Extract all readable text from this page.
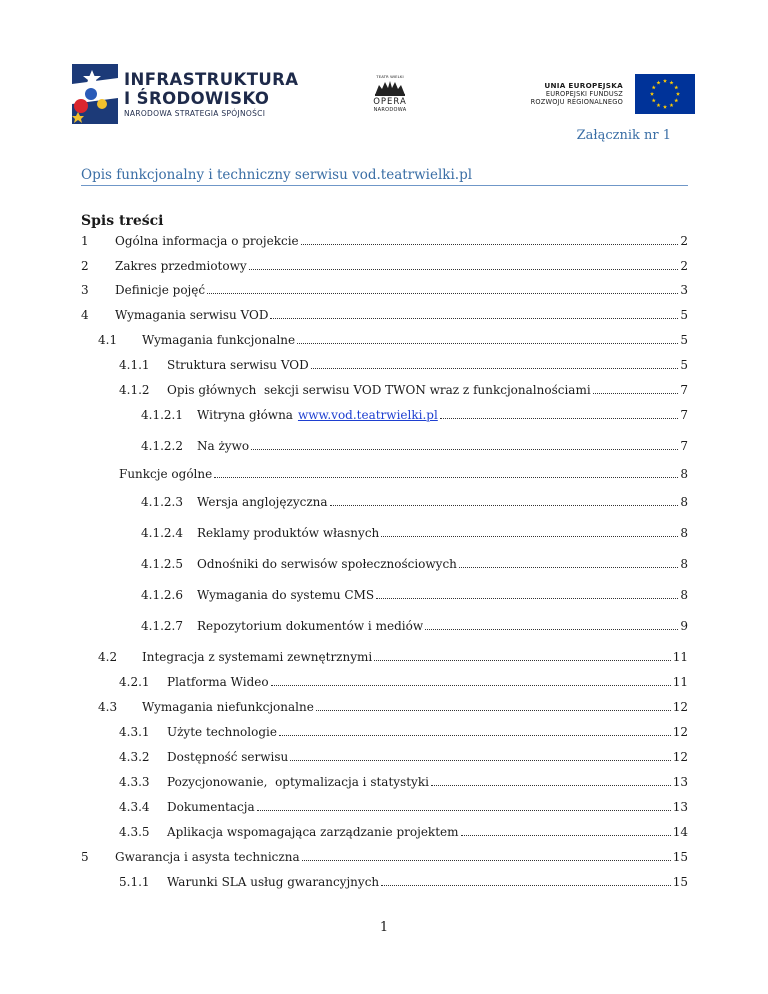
INFRASTRUKTURA
I ŚRODOWISKO
NARODOWA STRATEGIA SPÓJNOŚCI
TEATR WIELKI
OPERA
NARODOWA
UNIA EUROPEJSKA
EUROPEJSKI FUNDUSZ
ROZWOJU REGIONALNEGO
Załącznik nr 1
Opis funkcjonalny i techniczny serwisu vod.teatrwielki.pl
Spis treści
1	Ogólna informacja o projekcie	2
2	Zakres przedmiotowy	2
3	Definicje pojęć	3
4	Wymagania serwisu VOD	5
4.1	Wymagania funkcjonalne	5
4.1.1	Struktura serwisu VOD	5
4.1.2	Opis głównych  sekcji serwisu VOD TWON wraz z funkcjonalnościami	7
4.1.2.1	Witryna główna www.vod.teatrwielki.pl	7
4.1.2.2	Na żywo	7
Funkcje ogólne	8
4.1.2.3	Wersja anglojęzyczna	8
4.1.2.4	Reklamy produktów własnych	8
4.1.2.5	Odnośniki do serwisów społecznościowych	8
4.1.2.6	Wymagania do systemu CMS	8
4.1.2.7	Repozytorium dokumentów i mediów	9
4.2	Integracja z systemami zewnętrznymi	11
4.2.1	Platforma Wideo	11
4.3	Wymagania niefunkcjonalne	12
4.3.1	Użyte technologie	12
4.3.2	Dostępność serwisu	12
4.3.3	Pozycjonowanie,  optymalizacja i statystyki	13
4.3.4	Dokumentacja	13
4.3.5	Aplikacja wspomagająca zarządzanie projektem	14
5	Gwarancja i asysta techniczna	15
5.1.1	Warunki SLA usług gwarancyjnych	15
1
